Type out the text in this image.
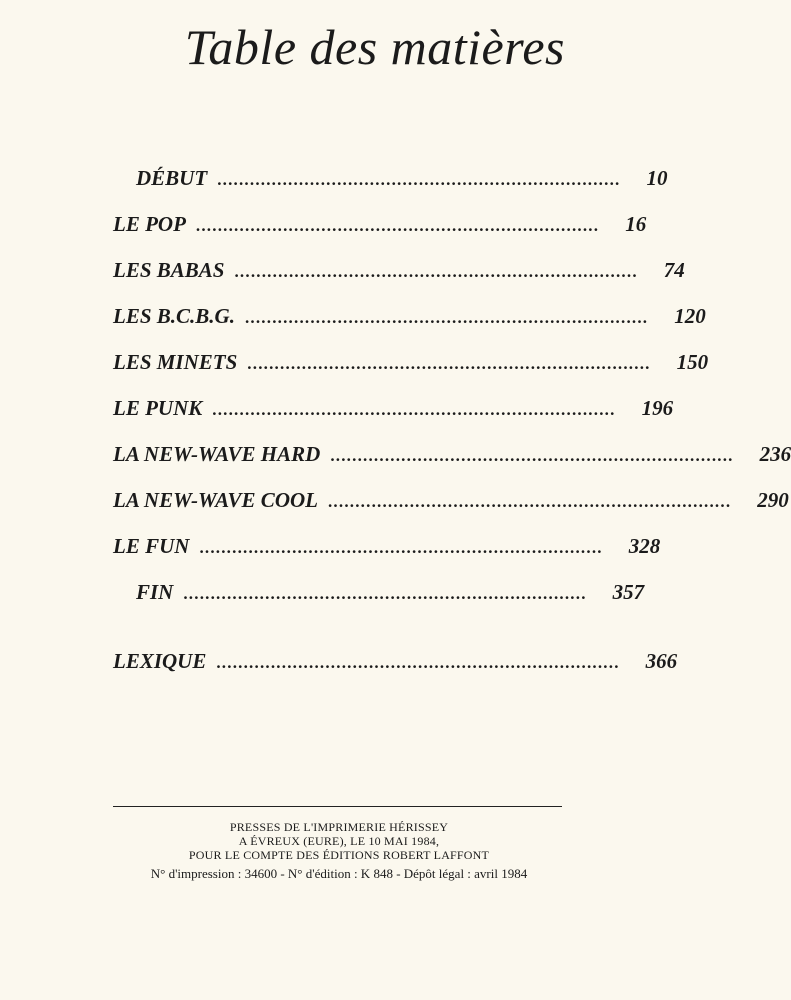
Table des matières
DÉBUT .......................................................................... 10
LE POP .......................................................................... 16
LES BABAS .......................................................................... 74
LES B.C.B.G. .......................................................................... 120
LES MINETS .......................................................................... 150
LE PUNK .......................................................................... 196
LA NEW-WAVE HARD .......................................................................... 236
LA NEW-WAVE COOL .......................................................................... 290
LE FUN .......................................................................... 328
FIN .......................................................................... 357
LEXIQUE .......................................................................... 366
PRESSES DE L'IMPRIMERIE HÉRISSEY
A ÉVREUX (EURE), LE 10 MAI 1984,
POUR LE COMPTE DES ÉDITIONS ROBERT LAFFONT
N° d'impression : 34600 - N° d'édition : K 848 - Dépôt légal : avril 1984
